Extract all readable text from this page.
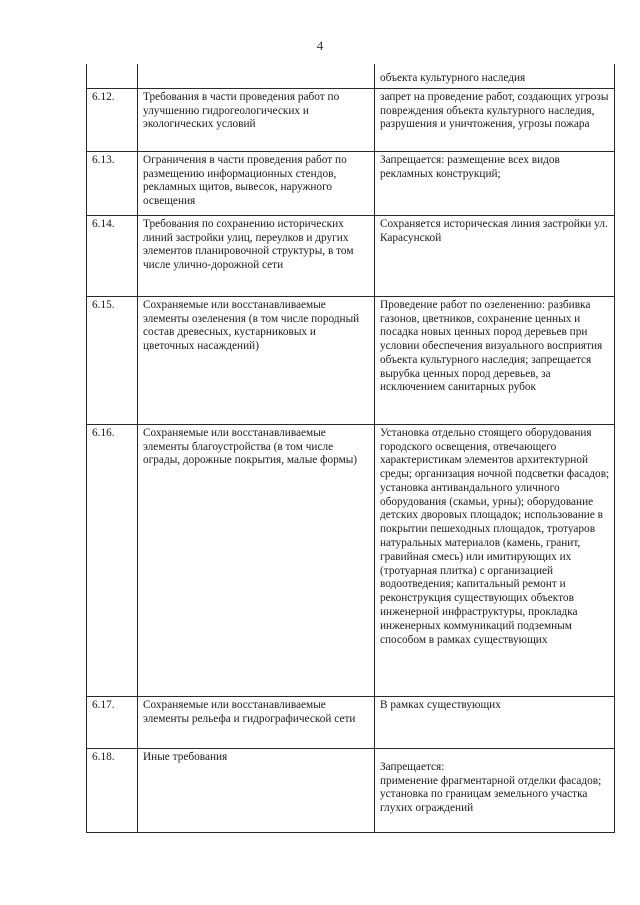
4
		объекта культурного наследия
6.12.	Требования в части проведения работ по улучшению гидрогеологических и экологических условий	запрет на проведение работ, создающих угрозы повреждения объекта культурного наследия, разрушения и уничтожения, угрозы пожара
6.13.	Ограничения в части проведения работ по размещению информационных стендов, рекламных щитов, вывесок, наружного освещения	Запрещается: размещение всех видов рекламных конструкций;
6.14.	Требования по сохранению исторических линий застройки улиц, переулков и других элементов планировочной структуры, в том числе улично-дорожной сети	Сохраняется историческая линия застройки ул. Карасунской
6.15.	Сохраняемые или восстанавливаемые элементы озеленения (в том числе породный состав древесных, кустарниковых и цветочных насаждений)	Проведение работ по озеленению: разбивка газонов, цветников, сохранение ценных и посадка новых ценных пород деревьев при условии обеспечения визуального восприятия объекта культурного наследия; запрещается вырубка ценных пород деревьев, за исключением санитарных рубок
6.16.	Сохраняемые или восстанавливаемые элементы благоустройства (в том числе ограды, дорожные покрытия, малые формы)	Установка отдельно стоящего оборудования городского освещения, отвечающего характеристикам элементов архитектурной среды; организация ночной подсветки фасадов; установка антивандального уличного оборудования (скамьи, урны); оборудование детских дворовых площадок; использование в покрытии пешеходных площадок, тротуаров натуральных материалов (камень, гранит, гравийная смесь) или имитирующих их (тротуарная плитка) с организацией водоотведения; капитальный ремонт и реконструкция существующих объектов инженерной инфраструктуры, прокладка инженерных коммуникаций подземным способом в рамках существующих
6.17.	Сохраняемые или восстанавливаемые элементы рельефа и гидрографической сети	В рамках существующих
6.18.	Иные требования	Запрещается:
применение фрагментарной отделки фасадов;
установка по границам земельного участка глухих ограждений
